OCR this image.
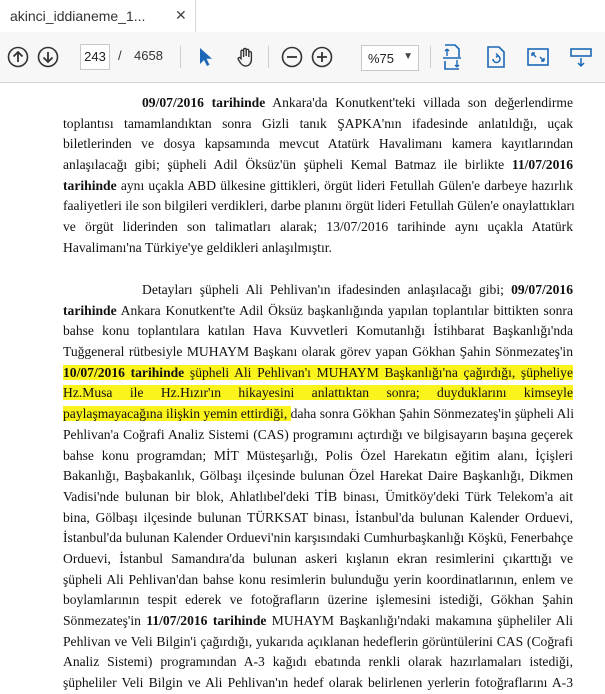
akinci_iddianeme_1... ✕
243
/ 4658	%75 ▼
09/07/2016 tarihinde Ankara'da Konutkent'teki villada son değerlendirme
toplantısı tamamlandıktan sonra Gizli tanık ŞAPKA'nın ifadesinde anlatıldığı, uçak
biletlerinden ve dosya kapsamında mevcut Atatürk Havalimanı kamera kayıtlarından
anlaşılacağı gibi; şüpheli Adil Öksüz'ün şüpheli Kemal Batmaz ile birlikte 11/07/2016
tarihinde aynı uçakla ABD ülkesine gittikleri, örgüt lideri Fetullah Gülen'e darbeye hazırlık
faaliyetleri ile son bilgileri verdikleri, darbe planını örgüt lideri Fetullah Gülen'e onaylattıkları
ve örgüt liderinden son talimatları alarak; 13/07/2016 tarihinde aynı uçakla Atatürk
Havalimanı'na Türkiye'ye geldikleri anlaşılmıştır.
Detayları şüpheli Ali Pehlivan'ın ifadesinden anlaşılacağı gibi; 09/07/2016
tarihinde Ankara Konutkent'te Adil Öksüz başkanlığında yapılan toplantılar bittikten sonra
bahse konu toplantılara katılan Hava Kuvvetleri Komutanlığı İstihbarat Başkanlığı'nda
Tuğgeneral rütbesiyle MUHAYM Başkanı olarak görev yapan Gökhan Şahin Sönmezateş'in
10/07/2016 tarihinde şüpheli Ali Pehlivan'ı MUHAYM Başkanlığı'na çağırdığı, şüpheliye
Hz.Musa ile Hz.Hızır'ın hikayesini anlattıktan sonra; duyduklarını kimseyle
paylaşmayacağına ilişkin yemin ettirdiği, daha sonra Gökhan Şahin Sönmezateş'in şüpheli Ali
Pehlivan'a Coğrafi Analiz Sistemi (CAS) programını açtırdığı ve bilgisayarın başına geçerek
bahse konu programdan; MİT Müsteşarlığı, Polis Özel Harekatın eğitim alanı, İçişleri
Bakanlığı, Başbakanlık, Gölbaşı ilçesinde bulunan Özel Harekat Daire Başkanlığı, Dikmen
Vadisi'nde bulunan bir blok, Ahlatlıbel'deki TİB binası, Ümitköy'deki Türk Telekom'a ait
bina, Gölbaşı ilçesinde bulunan TÜRKSAT binası, İstanbul'da bulunan Kalender Orduevi,
İstanbul'da bulunan Kalender Orduevi'nin karşısındaki Cumhurbaşkanlığı Köşkü, Fenerbahçe
Orduevi, İstanbul Samandıra'da bulunan askeri kışlanın ekran resimlerini çıkarttığı ve
şüpheli Ali Pehlivan'dan bahse konu resimlerin bulunduğu yerin koordinatlarının, enlem ve
boylamlarının tespit ederek ve fotoğrafların üzerine işlemesini istediği, Gökhan Şahin
Sönmezateş'in 11/07/2016 tarihinde MUHAYM Başkanlığı'ndaki makamına şüpheliler Ali
Pehlivan ve Veli Bilgin'i çağırdığı, yukarıda açıklanan hedeflerin görüntülerini CAS (Coğrafi
Analiz Sistemi) programından A-3 kağıdı ebatında renkli olarak hazırlamaları istediği,
şüpheliler Veli Bilgin ve Ali Pehlivan'ın hedef olarak belirlenen yerlerin fotoğraflarını A-3
